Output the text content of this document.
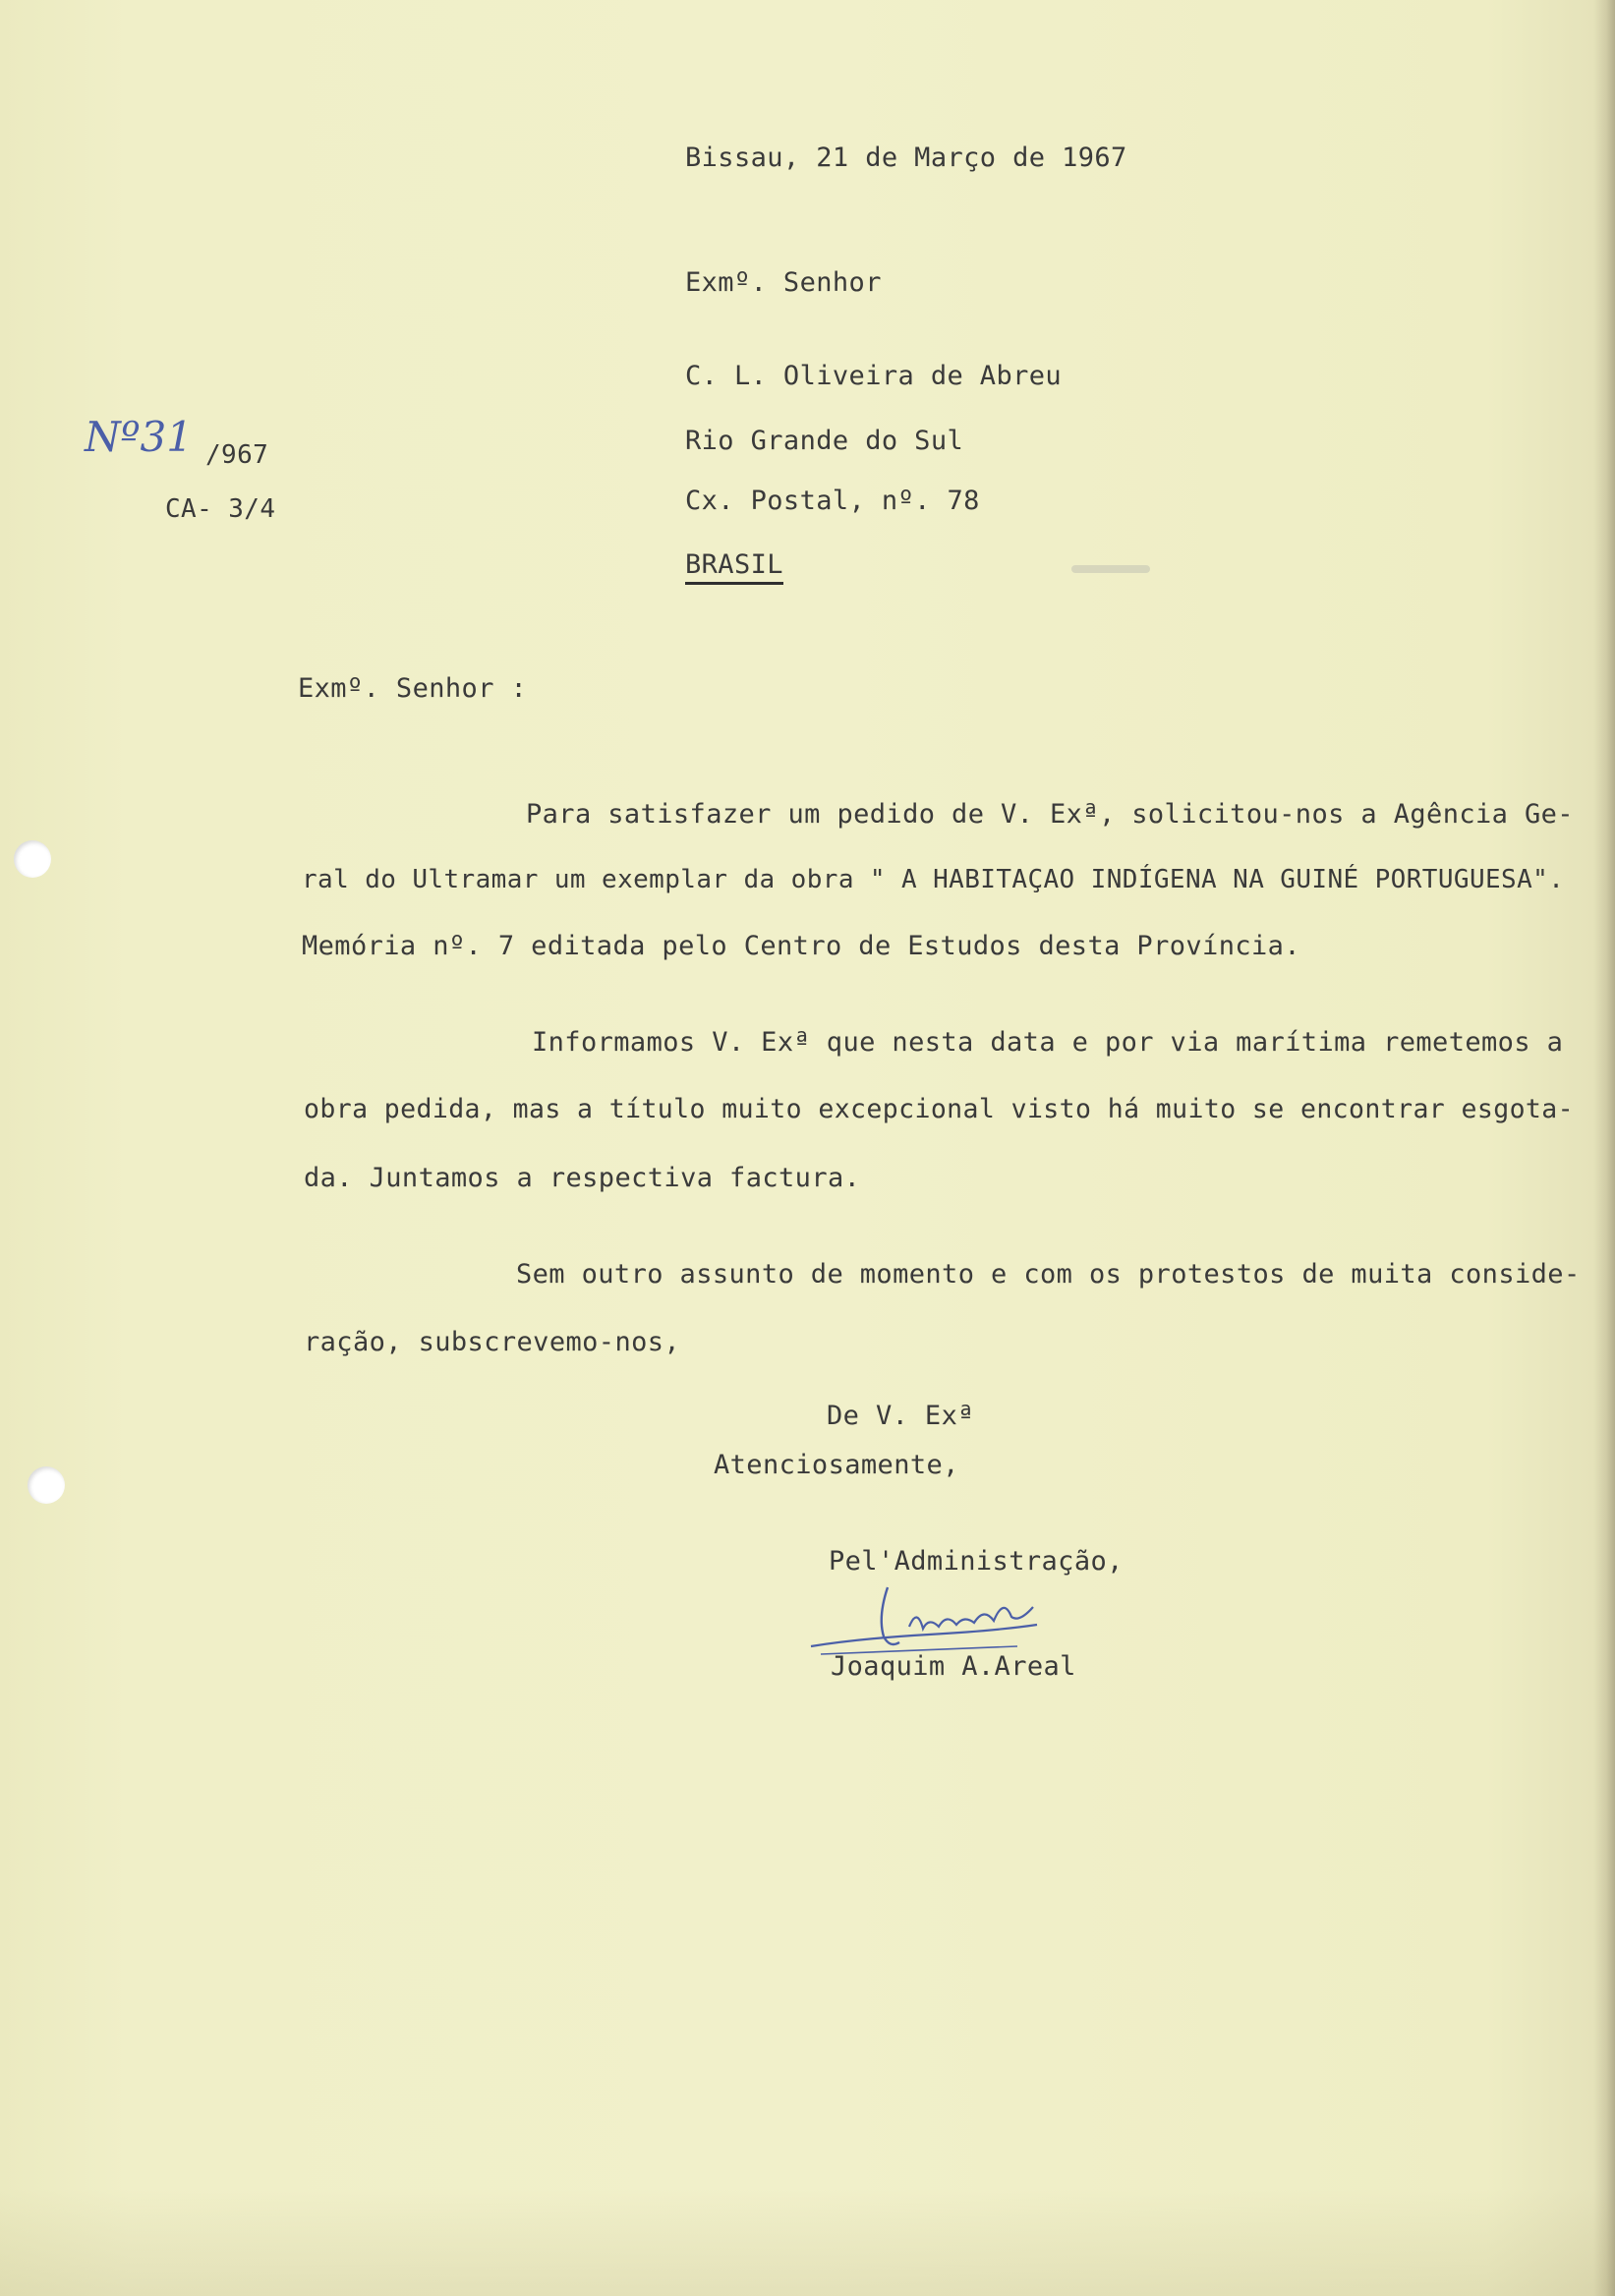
Bissau, 21 de Março de 1967
Exmº. Senhor
C. L. Oliveira de Abreu
Rio Grande do Sul
Cx. Postal, nº. 78
BRASIL
Nº31 /967
CA- 3/4
Exmº. Senhor :
Para satisfazer um pedido de V. Exª, solicitou-nos a Agência Ge-
ral do Ultramar um exemplar da obra " A HABITAÇAO INDÍGENA NA GUINÉ PORTUGUESA".
Memória nº. 7 editada pelo Centro de Estudos desta Província.
Informamos V. Exª que nesta data e por via marítima remetemos a
obra pedida, mas a título muito excepcional visto há muito se encontrar esgota-
da. Juntamos a respectiva factura.
Sem outro assunto de momento e com os protestos de muita conside-
ração, subscrevemo-nos,
De V. Exª
Atenciosamente,
Pel'Administração,
Joaquim A.Areal
